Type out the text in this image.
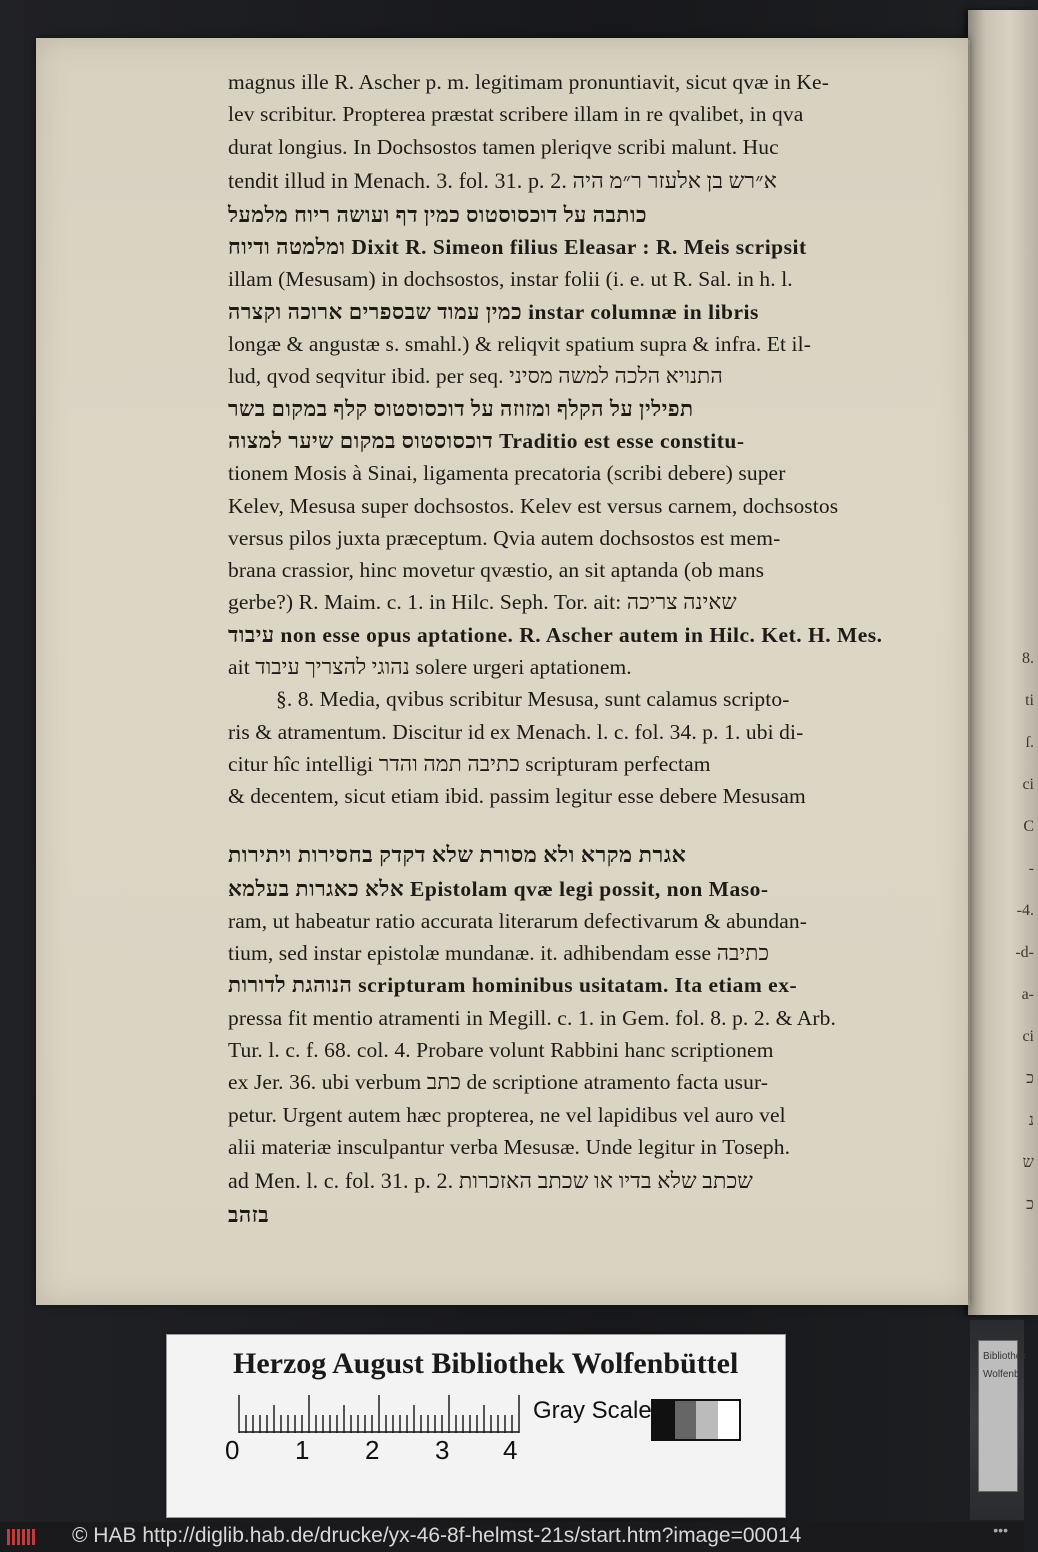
8.
ti
ſ.
ci
C
-
-4.
-d-
a-
ci
כ
נ
ש
כ
Bibliothek
Wolfenb.
magnus ille R. Ascher p. m. legitimam pronuntiavit, sicut qvæ in Ke-
lev scribitur. Propterea præstat scribere illam in re qvalibet, in qva
durat longius. In Dochsostos tamen pleriqve scribi malunt. Huc
tendit illud in Menach. 3. fol. 31. p. 2. א״רש בן אלעזר ר״מ היה
כותבה על דוכסוסטוס כמין דף ועושה ריוח מלמעל
ומלמטה ודיוח Dixit R. Simeon filius Eleasar : R. Meis scripsit
illam (Mesusam) in dochsostos, instar folii (i. e. ut R. Sal. in h. l.
כמין עמוד שבספרים ארוכה וקצרה instar columnæ in libris
longæ & angustæ s. smahl.) & reliqvit spatium supra & infra. Et il-
lud, qvod seqvitur ibid. per seq. התנויא הלכה למשה מסיני
תפילין על הקלף ומזוזה על דוכסוסטוס קלף במקום בשר
דוכסוסטוס במקום שיער למצוה Traditio est esse constitu-
tionem Mosis à Sinai, ligamenta precatoria (scribi debere) super
Kelev, Mesusa super dochsostos. Kelev est versus carnem, dochsostos
versus pilos juxta præceptum. Qvia autem dochsostos est mem-
brana crassior, hinc movetur qvæstio, an sit aptanda (ob mans
gerbe?) R. Maim. c. 1. in Hilc. Seph. Tor. ait: שאינה צריכה
עיבוד non esse opus aptatione. R. Ascher autem in Hilc. Ket. H. Mes.
ait נהוגי להצריך עיבוד solere urgeri aptationem.
§. 8. Media, qvibus scribitur Mesusa, sunt calamus scripto-
ris & atramentum. Discitur id ex Menach. l. c. fol. 34. p. 1. ubi di-
citur hîc intelligi כתיבה תמה והדר scripturam perfectam
& decentem, sicut etiam ibid. passim legitur esse debere Mesusam
אגרת מקרא ולא מסורת שלא דקדק בחסירות ויתירות
אלא כאגרות בעלמא Epistolam qvæ legi possit, non Maso-
ram, ut habeatur ratio accurata literarum defectivarum & abundan-
tium, sed instar epistolæ mundanæ. it. adhibendam esse כתיבה
הנוהגת לדורות scripturam hominibus usitatam. Ita etiam ex-
pressa fit mentio atramenti in Megill. c. 1. in Gem. fol. 8. p. 2. & Arb.
Tur. l. c. f. 68. col. 4. Probare volunt Rabbini hanc scriptionem
ex Jer. 36. ubi verbum כתב de scriptione atramento facta usur-
petur. Urgent autem hæc propterea, ne vel lapidibus vel auro vel
alii materiæ insculpantur verba Mesusæ. Unde legitur in Toseph.
ad Men. l. c. fol. 31. p. 2. שכתב שלא בדיו או שכתב האזכרות
בזהב
Herzog August Bibliothek Wolfenbüttel
0 1 2 3 4
Gray Scale
© HAB http://diglib.hab.de/drucke/yx-46-8f-helmst-21s/start.htm?image=00014	•••
